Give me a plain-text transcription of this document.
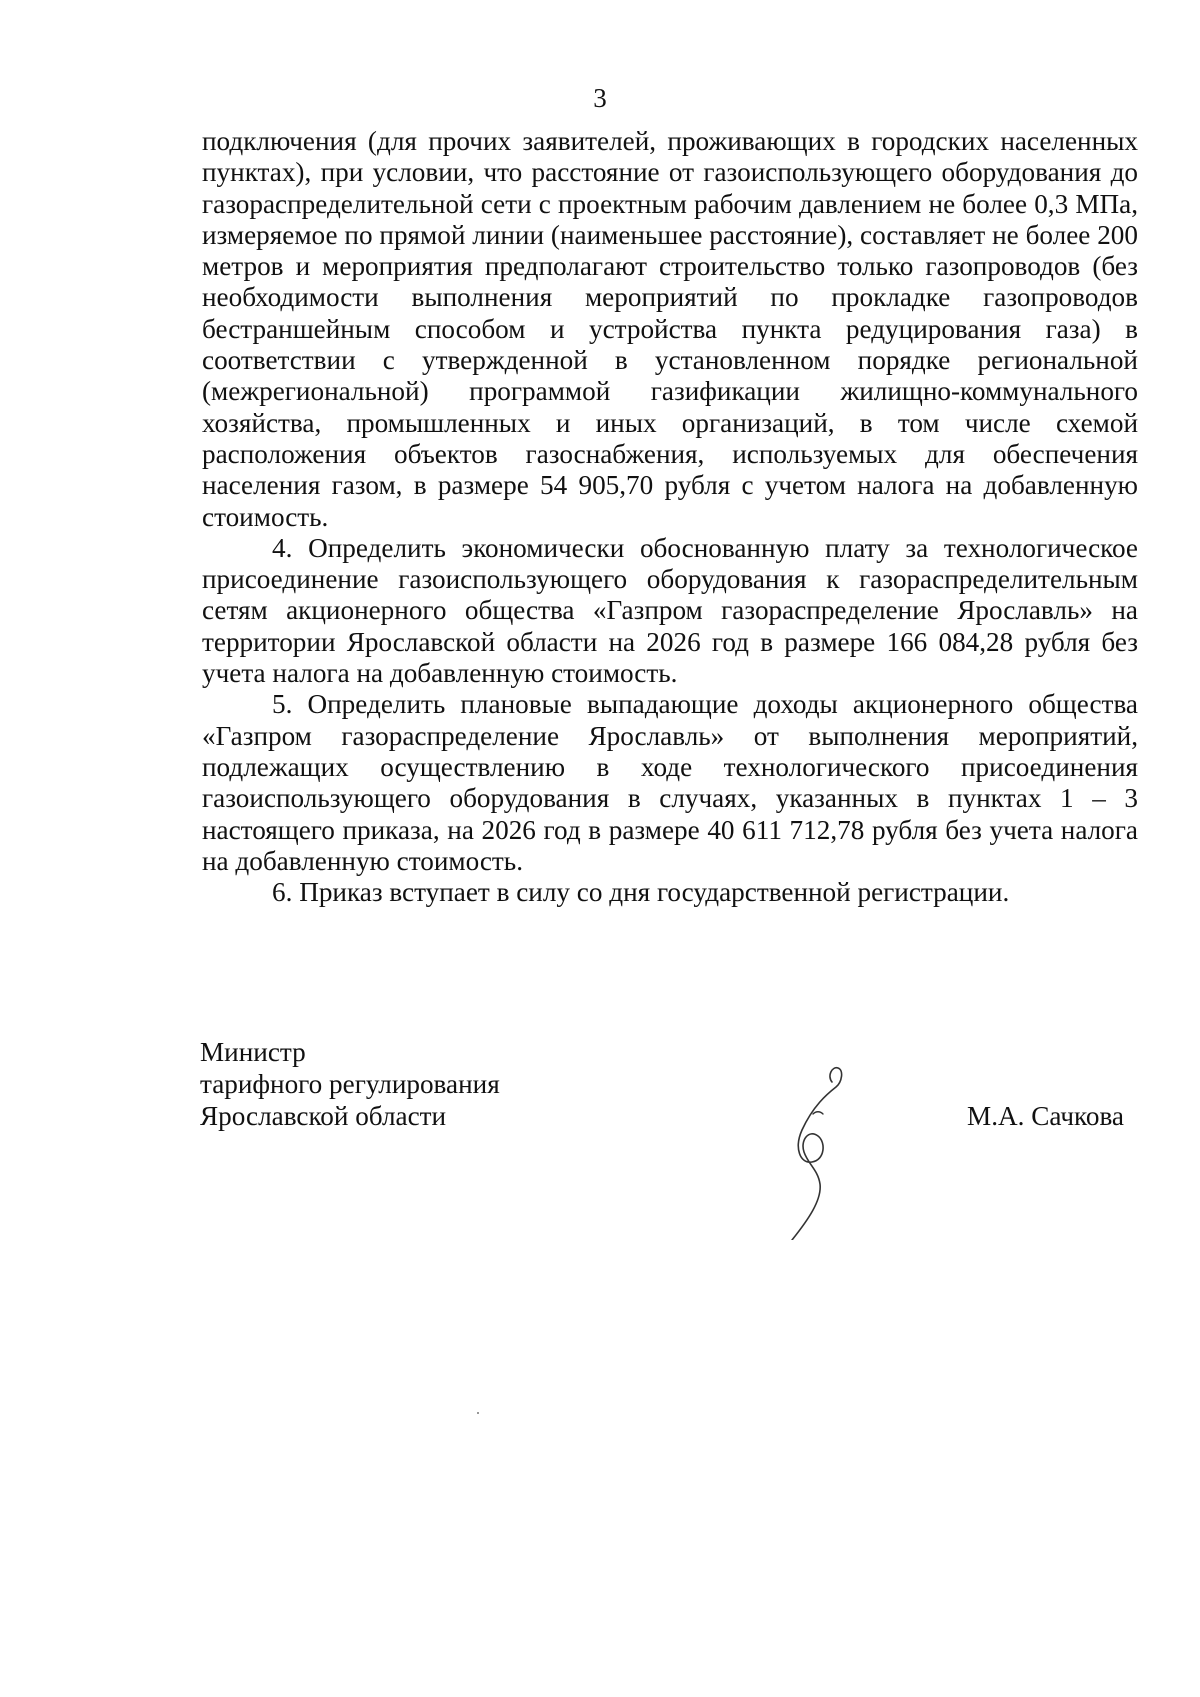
3

подключения (для прочих заявителей, проживающих в городских населенных пунктах), при условии, что расстояние от газоиспользующего оборудования до газораспределительной сети с проектным рабочим давлением не более 0,3 МПа, измеряемое по прямой линии (наименьшее расстояние), составляет не более 200 метров и мероприятия предполагают строительство только газопроводов (без необходимости выполнения мероприятий по прокладке газопроводов бестраншейным способом и устройства пункта редуцирования газа) в соответствии с утвержденной в установленном порядке региональной (межрегиональной) программой газификации жилищно-коммунального хозяйства, промышленных и иных организаций, в том числе схемой расположения объектов газоснабжения, используемых для обеспечения населения газом, в размере 54 905,70 рубля с учетом налога на добавленную стоимость.

4. Определить экономически обоснованную плату за технологическое присоединение газоиспользующего оборудования к газораспределительным сетям акционерного общества «Газпром газораспределение Ярославль» на территории Ярославской области на 2026 год в размере 166 084,28 рубля без учета налога на добавленную стоимость.

5. Определить плановые выпадающие доходы акционерного общества «Газпром газораспределение Ярославль» от выполнения мероприятий, подлежащих осуществлению в ходе технологического присоединения газоиспользующего оборудования в случаях, указанных в пунктах 1 – 3 настоящего приказа, на 2026 год в размере 40 611 712,78 рубля без учета налога на добавленную стоимость.

6. Приказ вступает в силу со дня государственной регистрации.

Министр
тарифного регулирования
Ярославской области	М.А. Сачкова
